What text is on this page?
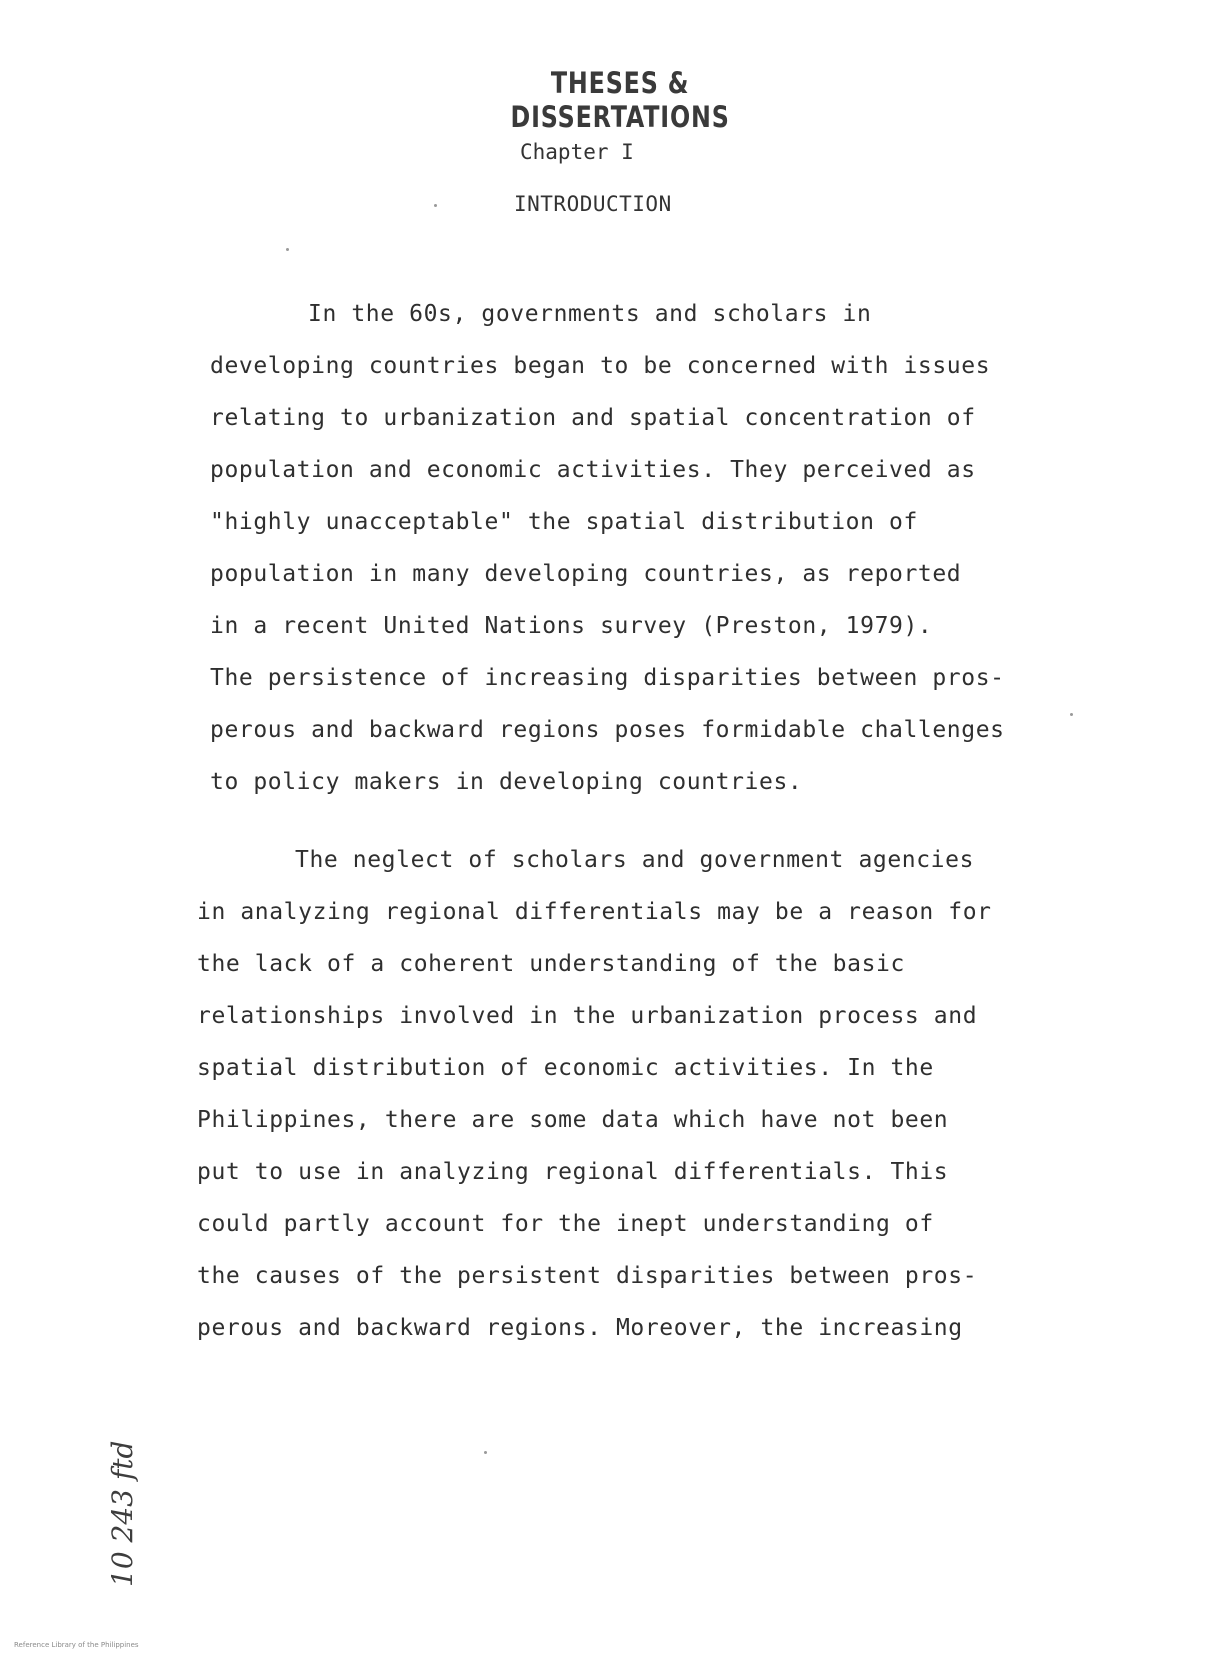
THESES & DISSERTATIONS
Chapter I
INTRODUCTION
10 243 ftd

In the 60s, governments and scholars in
developing countries began to be concerned with issues
relating to urbanization and spatial concentration of
population and economic activities. They perceived as
"highly unacceptable" the spatial distribution of
population in many developing countries, as reported
in a recent United Nations survey (Preston, 1979).
The persistence of increasing disparities between pros-
perous and backward regions poses formidable challenges
to policy makers in developing countries.

The neglect of scholars and government agencies
in analyzing regional differentials may be a reason for
the lack of a coherent understanding of the basic
relationships involved in the urbanization process and
spatial distribution of economic activities. In the
Philippines, there are some data which have not been
put to use in analyzing regional differentials. This
could partly account for the inept understanding of
the causes of the persistent disparities between pros-
perous and backward regions. Moreover, the increasing

Reference Library of the Philippines
